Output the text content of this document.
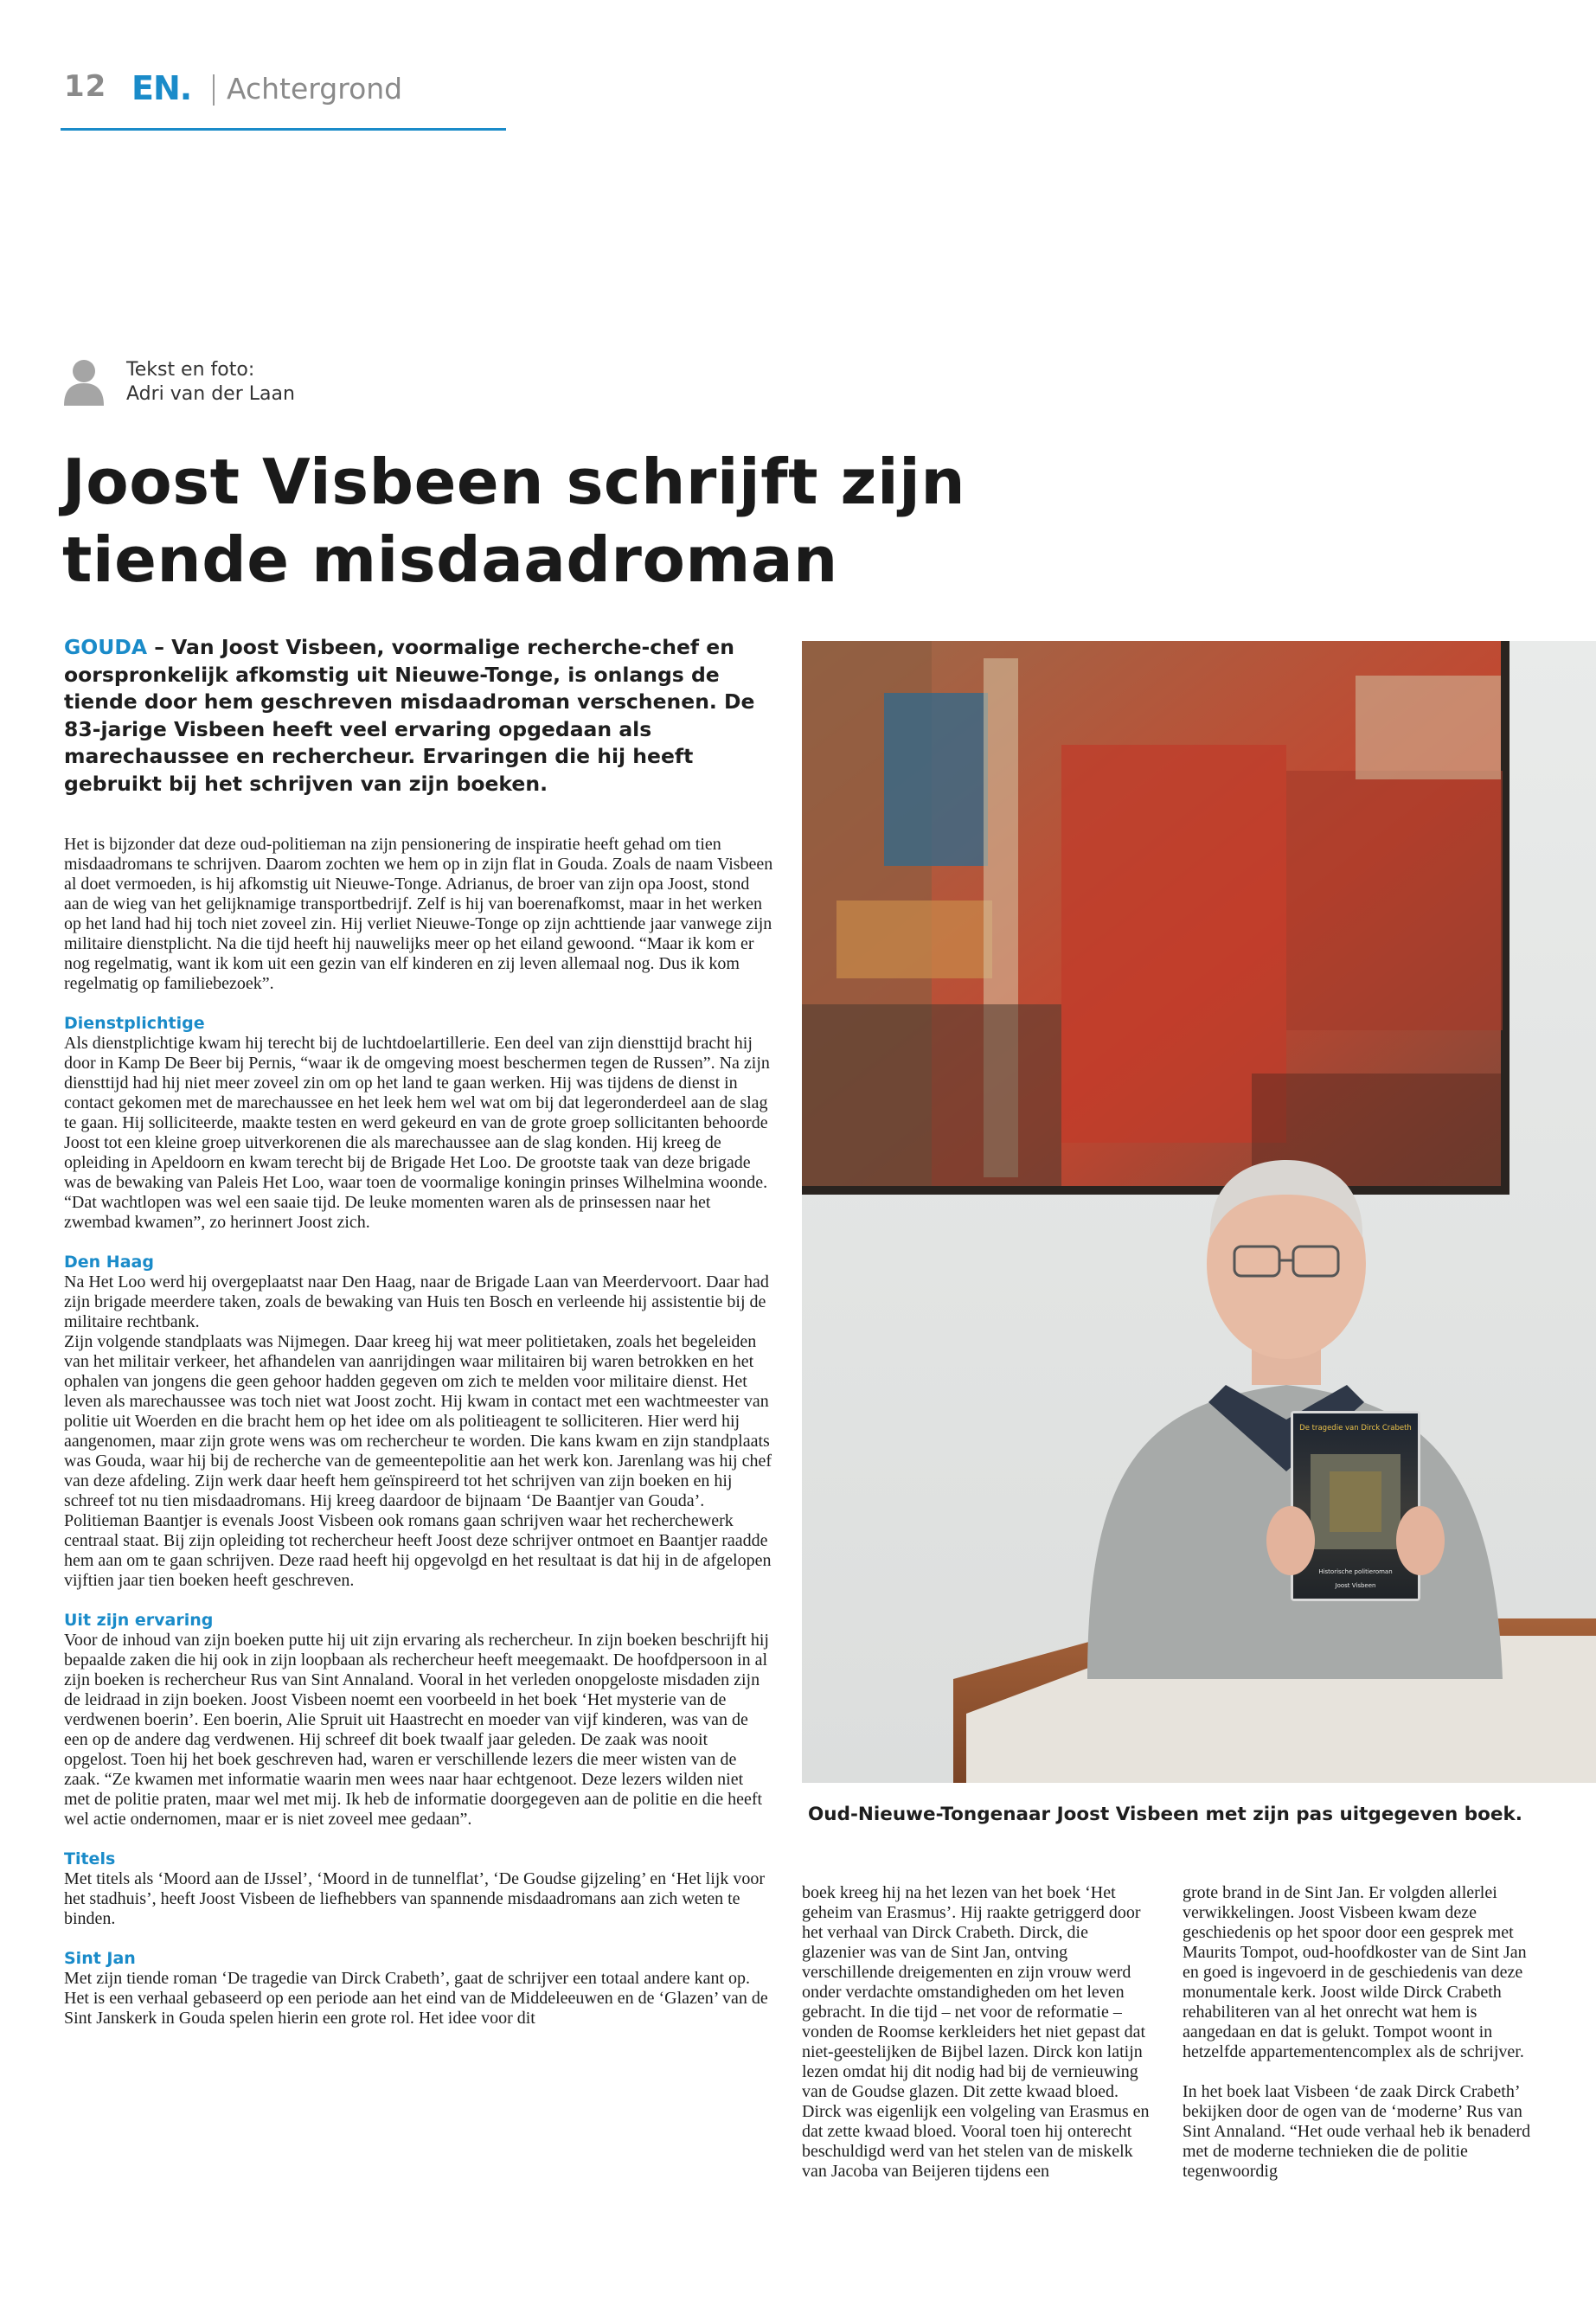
12 EN. Achtergrond
Tekst en foto:
Adri van der Laan
Joost Visbeen schrijft zijn
tiende misdaadroman
GOUDA – Van Joost Visbeen, voormalige recherche-chef en oorspronkelijk afkomstig uit Nieuwe-Tonge, is onlangs de tiende door hem geschreven misdaadroman verschenen. De 83-jarige Visbeen heeft veel ervaring opgedaan als marechaussee en rechercheur. Ervaringen die hij heeft gebruikt bij het schrijven van zijn boeken.

Het is bijzonder dat deze oud-politieman na zijn pensionering de inspiratie heeft gehad om tien misdaadromans te schrijven. Daarom zochten we hem op in zijn flat in Gouda. Zoals de naam Visbeen al doet vermoeden, is hij afkomstig uit Nieuwe-Tonge. Adrianus, de broer van zijn opa Joost, stond aan de wieg van het gelijknamige transportbedrijf. Zelf is hij van boerenafkomst, maar in het werken op het land had hij toch niet zoveel zin. Hij verliet Nieuwe-Tonge op zijn achttiende jaar vanwege zijn militaire dienstplicht. Na die tijd heeft hij nauwelijks meer op het eiland gewoond. “Maar ik kom er nog regelmatig, want ik kom uit een gezin van elf kinderen en zij leven allemaal nog. Dus ik kom regelmatig op familiebezoek”.

Dienstplichtige

Als dienstplichtige kwam hij terecht bij de luchtdoelartillerie. Een deel van zijn diensttijd bracht hij door in Kamp De Beer bij Pernis, “waar ik de omgeving moest beschermen tegen de Russen”. Na zijn diensttijd had hij niet meer zoveel zin om op het land te gaan werken. Hij was tijdens de dienst in contact gekomen met de marechaussee en het leek hem wel wat om bij dat legeronderdeel aan de slag te gaan. Hij solliciteerde, maakte testen en werd gekeurd en van de grote groep sollicitanten behoorde Joost tot een kleine groep uitverkorenen die als marechaussee aan de slag konden. Hij kreeg de opleiding in Apeldoorn en kwam terecht bij de Brigade Het Loo. De grootste taak van deze brigade was de bewaking van Paleis Het Loo, waar toen de voormalige koningin prinses Wilhelmina woonde. “Dat wachtlopen was wel een saaie tijd. De leuke momenten waren als de prinsessen naar het zwembad kwamen”, zo herinnert Joost zich.

Den Haag

Na Het Loo werd hij overgeplaatst naar Den Haag, naar de Brigade Laan van Meerdervoort. Daar had zijn brigade meerdere taken, zoals de bewaking van Huis ten Bosch en verleende hij assistentie bij de militaire rechtbank.

Zijn volgende standplaats was Nijmegen. Daar kreeg hij wat meer politietaken, zoals het begeleiden van het militair verkeer, het afhandelen van aanrijdingen waar militairen bij waren betrokken en het ophalen van jongens die geen gehoor hadden gegeven om zich te melden voor militaire dienst. Het leven als marechaussee was toch niet wat Joost zocht. Hij kwam in contact met een wachtmeester van politie uit Woerden en die bracht hem op het idee om als politieagent te solliciteren. Hier werd hij aangenomen, maar zijn grote wens was om rechercheur te worden. Die kans kwam en zijn standplaats was Gouda, waar hij bij de recherche van de gemeentepolitie aan het werk kon. Jarenlang was hij chef van deze afdeling. Zijn werk daar heeft hem geïnspireerd tot het schrijven van zijn boeken en hij schreef tot nu tien misdaadromans. Hij kreeg daardoor de bijnaam ‘De Baantjer van Gouda’. Politieman Baantjer is evenals Joost Visbeen ook romans gaan schrijven waar het recherchewerk centraal staat. Bij zijn opleiding tot rechercheur heeft Joost deze schrijver ontmoet en Baantjer raadde hem aan om te gaan schrijven. Deze raad heeft hij opgevolgd en het resultaat is dat hij in de afgelopen vijftien jaar tien boeken heeft geschreven.

Uit zijn ervaring

Voor de inhoud van zijn boeken putte hij uit zijn ervaring als rechercheur. In zijn boeken beschrijft hij bepaalde zaken die hij ook in zijn loopbaan als rechercheur heeft meegemaakt. De hoofdpersoon in al zijn boeken is rechercheur Rus van Sint Annaland. Vooral in het verleden onopgeloste misdaden zijn de leidraad in zijn boeken. Joost Visbeen noemt een voorbeeld in het boek ‘Het mysterie van de verdwenen boerin’. Een boerin, Alie Spruit uit Haastrecht en moeder van vijf kinderen, was van de een op de andere dag verdwenen. Hij schreef dit boek twaalf jaar geleden. De zaak was nooit opgelost. Toen hij het boek geschreven had, waren er verschillende lezers die meer wisten van de zaak. “Ze kwamen met informatie waarin men wees naar haar echtgenoot. Deze lezers wilden niet met de politie praten, maar wel met mij. Ik heb de informatie doorgegeven aan de politie en die heeft wel actie ondernomen, maar er is niet zoveel mee gedaan”.

Titels

Met titels als ‘Moord aan de IJssel’, ‘Moord in de tunnelflat’, ‘De Goudse gijzeling’ en ‘Het lijk voor het stadhuis’, heeft Joost Visbeen de liefhebbers van spannende misdaadromans aan zich weten te binden.

Sint Jan

Met zijn tiende roman ‘De tragedie van Dirck Crabeth’, gaat de schrijver een totaal andere kant op. Het is een verhaal gebaseerd op een periode aan het eind van de Middeleeuwen en de ‘Glazen’ van de Sint Janskerk in Gouda spelen hierin een grote rol. Het idee voor dit

De tragedie van Dirck Crabeth
Historische politieroman
Joost Visbeen
Oud-Nieuwe-Tongenaar Joost Visbeen met zijn pas uitgegeven boek.

boek kreeg hij na het lezen van het boek ‘Het geheim van Erasmus’. Hij raakte getriggerd door het verhaal van Dirck Crabeth. Dirck, die glazenier was van de Sint Jan, ontving verschillende dreigementen en zijn vrouw werd onder verdachte omstandigheden om het leven gebracht. In die tijd – net voor de reformatie – vonden de Roomse kerkleiders het niet gepast dat niet-geestelijken de Bijbel lazen. Dirck kon latijn lezen omdat hij dit nodig had bij de vernieuwing van de Goudse glazen. Dit zette kwaad bloed. Dirck was eigenlijk een volgeling van Erasmus en dat zette kwaad bloed. Vooral toen hij onterecht beschuldigd werd van het stelen van de miskelk van Jacoba van Beijeren tijdens een

grote brand in de Sint Jan. Er volgden allerlei verwikkelingen. Joost Visbeen kwam deze geschiedenis op het spoor door een gesprek met Maurits Tompot, oud-hoofdkoster van de Sint Jan en goed is ingevoerd in de geschiedenis van deze monumentale kerk. Joost wilde Dirck Crabeth rehabiliteren van al het onrecht wat hem is aangedaan en dat is gelukt. Tompot woont in hetzelfde appartementencomplex als de schrijver.

In het boek laat Visbeen ‘de zaak Dirck Crabeth’ bekijken door de ogen van de ‘moderne’ Rus van Sint Annaland. “Het oude verhaal heb ik benaderd met de moderne technieken die de politie tegenwoordig
